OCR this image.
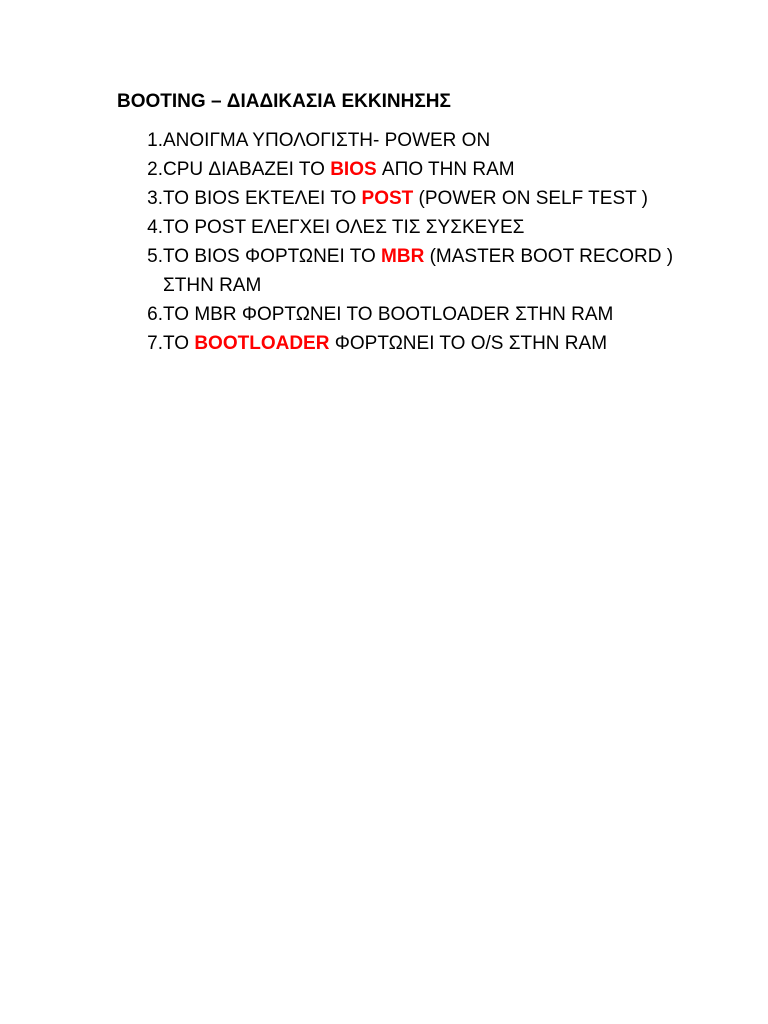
BOOTING – ΔΙΑΔΙΚΑΣΙΑ ΕΚΚΙΝΗΣΗΣ
1. ΑΝΟΙΓΜΑ ΥΠΟΛΟΓΙΣΤΗ- POWER ON
2. CPU ΔΙΑΒΑΖΕΙ ΤΟ BIOS ΑΠΟ ΤΗΝ RAM
3. ΤΟ BIOS ΕΚΤΕΛΕΙ ΤΟ POST (POWER ON SELF TEST )
4. ΤΟ POST ΕΛΕΓΧΕΙ ΟΛΕΣ ΤΙΣ ΣΥΣΚΕΥΕΣ
5. ΤΟ BIOS ΦΟΡΤΩΝΕΙ ΤΟ MBR (MASTER BOOT RECORD ) ΣΤΗΝ RAM
6. ΤΟ MBR ΦΟΡΤΩΝΕΙ ΤΟ BOOTLOADER ΣΤΗΝ RAM
7. ΤΟ BOOTLOADER ΦΟΡΤΩΝΕΙ ΤΟ O/S ΣΤΗΝ RAM
